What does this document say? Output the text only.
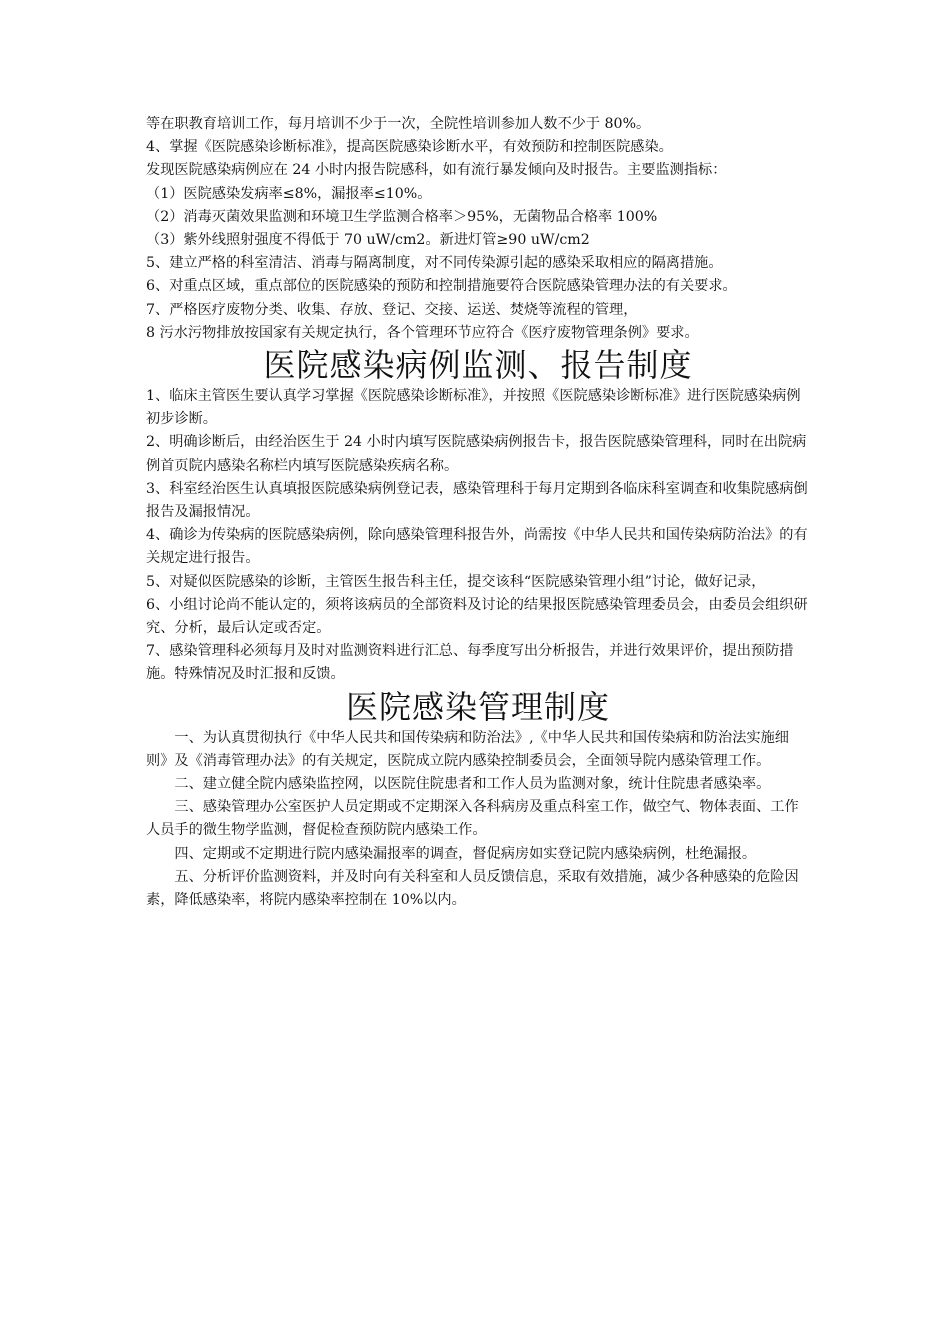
等在职教育培训工作，每月培训不少于一次，全院性培训参加人数不少于 80%。

4、掌握《医院感染诊断标准》，提高医院感染诊断水平，有效预防和控制医院感染。

发现医院感染病例应在 24 小时内报告院感科，如有流行暴发倾向及时报告。主要监测指标：

（1）医院感染发病率≤8%，漏报率≤10%。

（2）消毒灭菌效果监测和环境卫生学监测合格率＞95%，无菌物品合格率 100%

（3）紫外线照射强度不得低于 70 uW/cm2。新进灯管≥90 uW/cm2

5、建立严格的科室清洁、消毒与隔离制度，对不同传染源引起的感染采取相应的隔离措施。

6、对重点区域，重点部位的医院感染的预防和控制措施要符合医院感染管理办法的有关要求。

7、严格医疗废物分类、收集、存放、登记、交接、运送、焚烧等流程的管理，

8 污水污物排放按国家有关规定执行，各个管理环节应符合《医疗废物管理条例》要求。

医院感染病例监测、报告制度

1、临床主管医生要认真学习掌握《医院感染诊断标准》，并按照《医院感染诊断标准》进行医院感染病例初步诊断。

2、明确诊断后，由经治医生于 24 小时内填写医院感染病例报告卡，报告医院感染管理科，同时在出院病例首页院内感染名称栏内填写医院感染疾病名称。

3、科室经治医生认真填报医院感染病例登记表，感染管理科于每月定期到各临床科室调查和收集院感病倒报告及漏报情况。

4、确诊为传染病的医院感染病例，除向感染管理科报告外，尚需按《中华人民共和国传染病防治法》的有关规定进行报告。

5、对疑似医院感染的诊断，主管医生报告科主任，提交该科“医院感染管理小组”讨论，做好记录，

6、小组讨论尚不能认定的，须将该病员的全部资料及讨论的结果报医院感染管理委员会，由委员会组织研究、分析，最后认定或否定。

7、感染管理科必须每月及时对监测资料进行汇总、每季度写出分析报告，并进行效果评价，提出预防措施。特殊情况及时汇报和反馈。

医院感染管理制度

一、为认真贯彻执行《中华人民共和国传染病和防治法》,《中华人民共和国传染病和防治法实施细则》及《消毒管理办法》的有关规定，医院成立院内感染控制委员会，全面领导院内感染管理工作。

二、建立健全院内感染监控网，以医院住院患者和工作人员为监测对象，统计住院患者感染率。

三、感染管理办公室医护人员定期或不定期深入各科病房及重点科室工作，做空气、物体表面、工作人员手的微生物学监测，督促检查预防院内感染工作。

四、定期或不定期进行院内感染漏报率的调查，督促病房如实登记院内感染病例，杜绝漏报。

五、分析评价监测资料，并及时向有关科室和人员反馈信息，采取有效措施，减少各种感染的危险因素，降低感染率，将院内感染率控制在 10%以内。
